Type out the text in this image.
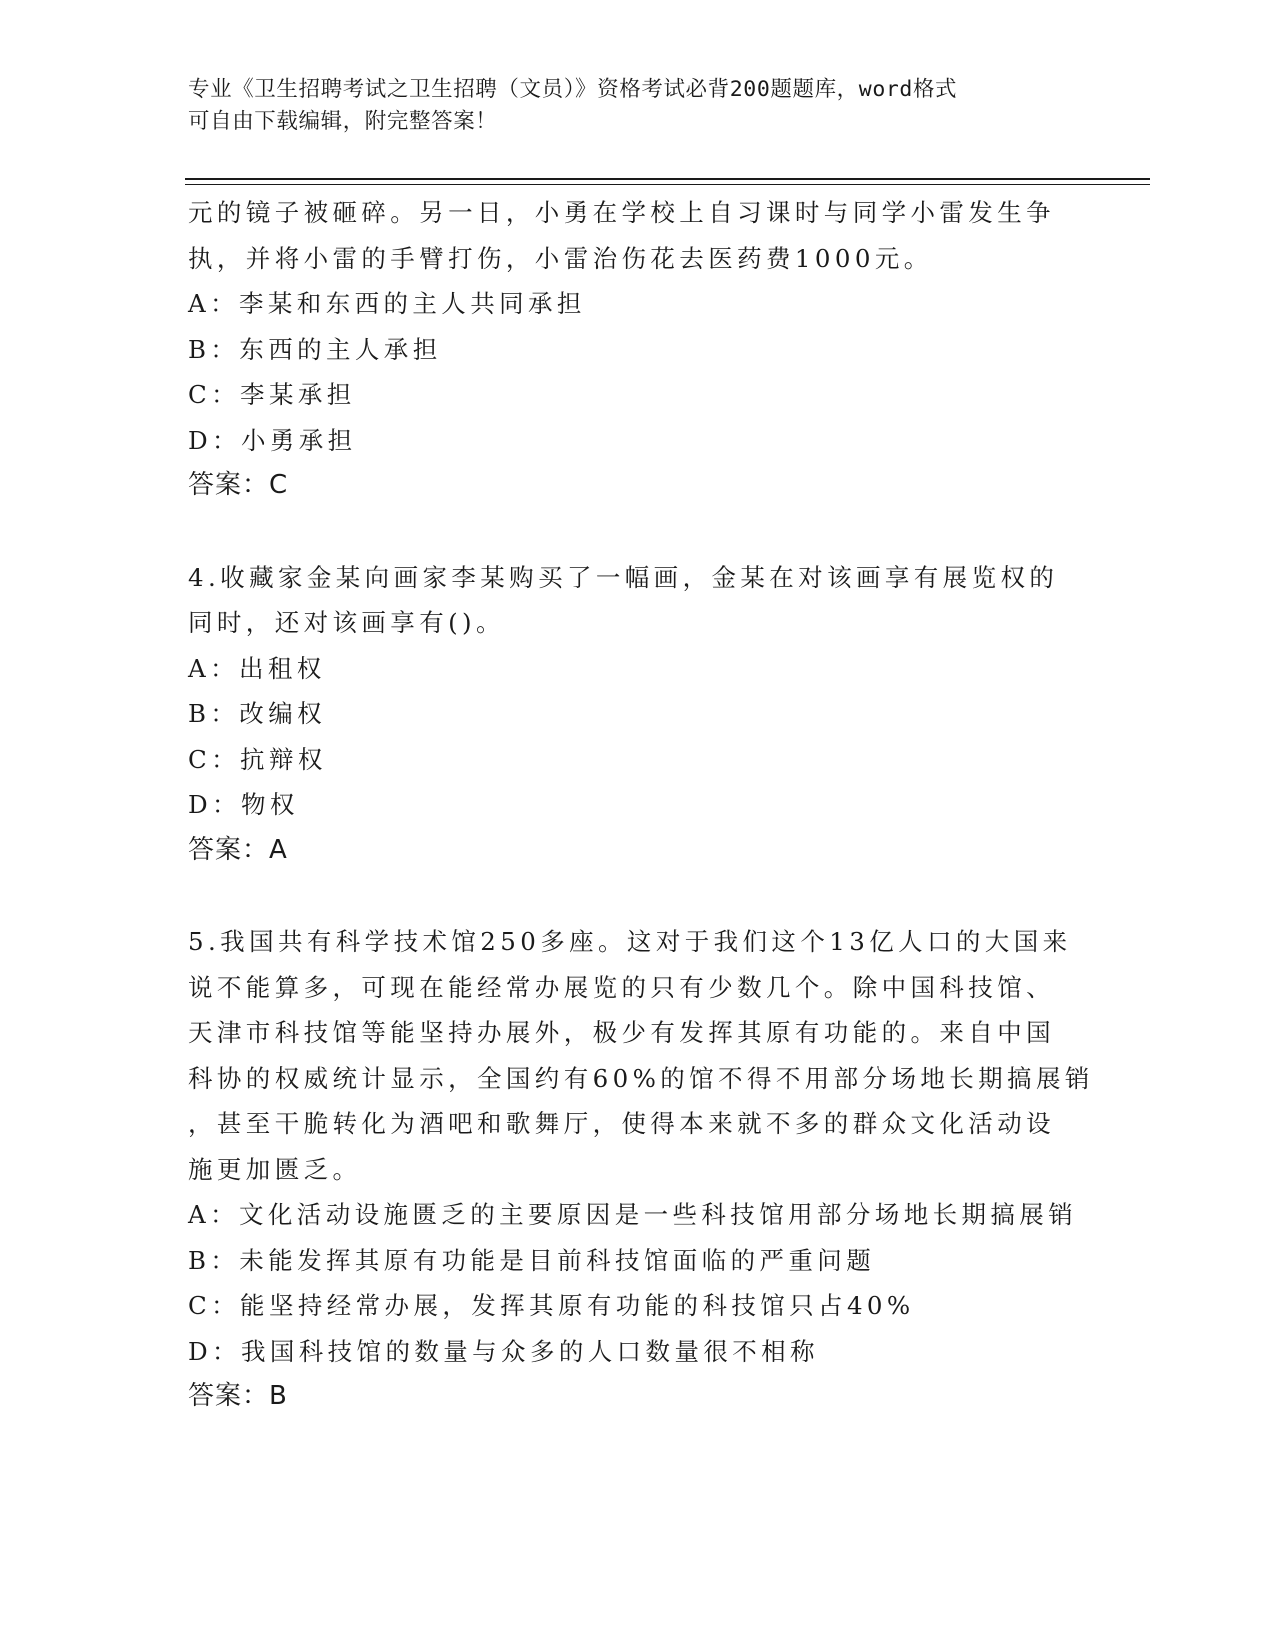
专业《卫生招聘考试之卫生招聘（文员）》资格考试必背200题题库，word格式
可自由下载编辑，附完整答案！
元的镜子被砸碎。另一日，小勇在学校上自习课时与同学小雷发生争
执，并将小雷的手臂打伤，小雷治伤花去医药费1000元。
A：李某和东西的主人共同承担
B：东西的主人承担
C：李某承担
D：小勇承担
答案：C
4.收藏家金某向画家李某购买了一幅画，金某在对该画享有展览权的
同时，还对该画享有()。
A：出租权
B：改编权
C：抗辩权
D：物权
答案：A
5.我国共有科学技术馆250多座。这对于我们这个13亿人口的大国来
说不能算多，可现在能经常办展览的只有少数几个。除中国科技馆、
天津市科技馆等能坚持办展外，极少有发挥其原有功能的。来自中国
科协的权威统计显示，全国约有60%的馆不得不用部分场地长期搞展销
，甚至干脆转化为酒吧和歌舞厅，使得本来就不多的群众文化活动设
施更加匮乏。
A：文化活动设施匮乏的主要原因是一些科技馆用部分场地长期搞展销
B：未能发挥其原有功能是目前科技馆面临的严重问题
C：能坚持经常办展，发挥其原有功能的科技馆只占40%
D：我国科技馆的数量与众多的人口数量很不相称
答案：B
